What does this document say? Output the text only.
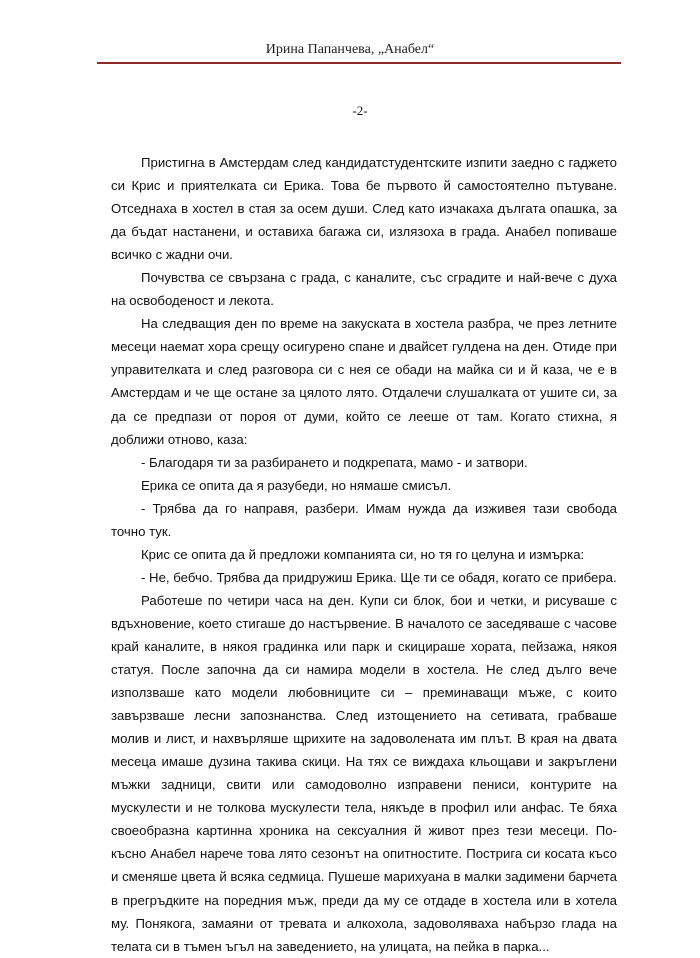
Ирина Папанчева, „Анабел“
-2-

Пристигна в Амстердам след кандидатстудентските изпити заедно с гаджето си Крис и приятелката си Ерика. Това бе първото й самостоятелно пътуване. Отседнаха в хостел в стая за осем души. След като изчакаха дългата опашка, за да бъдат настанени, и оставиха багажа си, излязоха в града. Анабел попиваше всичко с жадни очи.

Почувства се свързана с града, с каналите, със сградите и най-вече с духа на освободеност и лекота.

На следващия ден по време на закуската в хостела разбра, че през летните месеци наемат хора срещу осигурено спане и двайсет гулдена на ден. Отиде при управителката и след разговора си с нея се обади на майка си и й каза, че е в Амстердам и че ще остане за цялото лято. Отдалечи слушалката от ушите си, за да се предпази от пороя от думи, който се лееше от там. Когато стихна, я доближи отново, каза:

- Благодаря ти за разбирането и подкрепата, мамо - и затвори.

Ерика се опита да я разубеди, но нямаше смисъл.

- Трябва да го направя, разбери. Имам нужда да изживея тази свобода точно тук.

Крис се опита да й предложи компанията си, но тя го целуна и измърка:

- Не, бебчо. Трябва да придружиш Ерика. Ще ти се обадя, когато се прибера.

Работеше по четири часа на ден. Купи си блок, бои и четки, и рисуваше с вдъхновение, което стигаше до настървение. В началото се заседяваше с часове край каналите, в някоя градинка или парк и скицираше хората, пейзажа, някоя статуя. После започна да си намира модели в хостела. Не след дълго вече използваше като модели любовниците си – преминаващи мъже, с които завързваше лесни запознанства. След изтощението на сетивата, грабваше молив и лист, и нахвърляше щрихите на задоволената им плът. В края на двата месеца имаше дузина такива скици. На тях се виждаха кльощави и закръглени мъжки задници, свити или самодоволно изправени пениси, контурите на мускулести и не толкова мускулести тела, някъде в профил или анфас. Те бяха своеобразна картинна хроника на сексуалния й живот през тези месеци. По-късно Анабел нарече това лято сезонът на опитностите. Пострига си косата късо и сменяше цвета й всяка седмица. Пушеше марихуана в малки задимени барчета в прегръдките на поредния мъж, преди да му се отдаде в хостела или в хотела му. Понякога, замаяни от тревата и алкохола, задоволяваха набързо глада на телата си в тъмен ъгъл на заведението, на улицата, на пейка в парка...
